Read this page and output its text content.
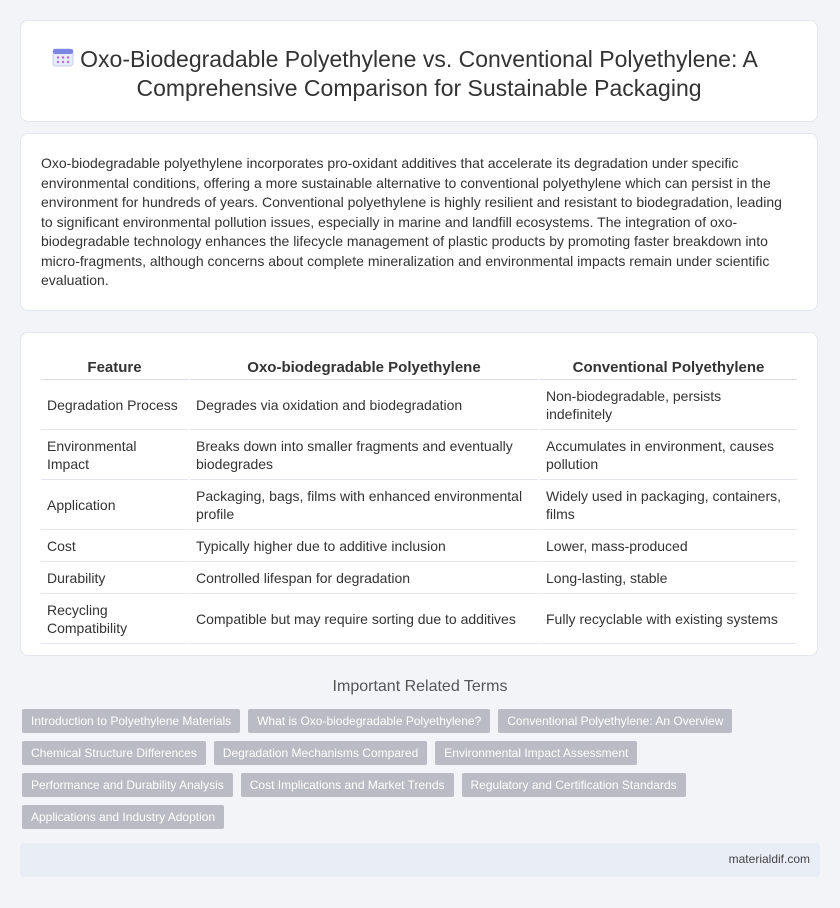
Oxo-Biodegradable Polyethylene vs. Conventional Polyethylene: A Comprehensive Comparison for Sustainable Packaging

Oxo-biodegradable polyethylene incorporates pro-oxidant additives that accelerate its degradation under specific environmental conditions, offering a more sustainable alternative to conventional polyethylene which can persist in the environment for hundreds of years. Conventional polyethylene is highly resilient and resistant to biodegradation, leading to significant environmental pollution issues, especially in marine and landfill ecosystems. The integration of oxo-biodegradable technology enhances the lifecycle management of plastic products by promoting faster breakdown into micro-fragments, although concerns about complete mineralization and environmental impacts remain under scientific evaluation.

Feature	Oxo-biodegradable Polyethylene	Conventional Polyethylene
Degradation Process	Degrades via oxidation and biodegradation	Non-biodegradable, persists indefinitely
Environmental Impact	Breaks down into smaller fragments and eventually biodegrades	Accumulates in environment, causes pollution
Application	Packaging, bags, films with enhanced environmental profile	Widely used in packaging, containers, films
Cost	Typically higher due to additive inclusion	Lower, mass-produced
Durability	Controlled lifespan for degradation	Long-lasting, stable
Recycling Compatibility	Compatible but may require sorting due to additives	Fully recyclable with existing systems
Important Related Terms
Introduction to Polyethylene Materials	What is Oxo-biodegradable Polyethylene?	Conventional Polyethylene: An Overview
Chemical Structure Differences	Degradation Mechanisms Compared	Environmental Impact Assessment
Performance and Durability Analysis	Cost Implications and Market Trends	Regulatory and Certification Standards
Applications and Industry Adoption
materialdif.com
